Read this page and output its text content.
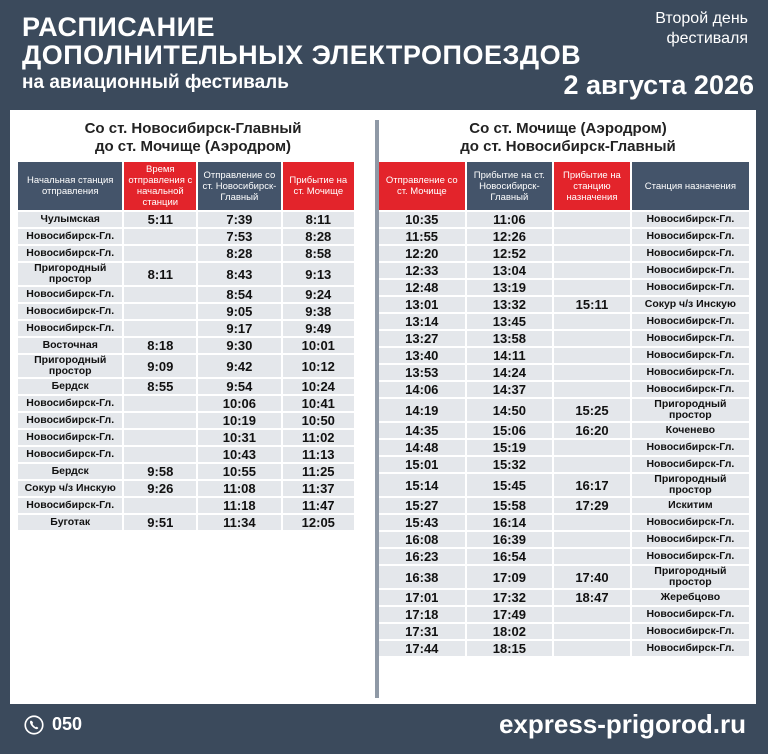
РАСПИСАНИЕ
ДОПОЛНИТЕЛЬНЫХ ЭЛЕКТРОПОЕЗДОВ
на авиационный фестиваль
Второй день
фестиваля
2 августа 2026
Со ст. Новосибирск-Главный
до ст. Мочище (Аэродром)
Начальная станция отправления	Время отправления с начальной станции	Отправление со ст. Новосибирск-Главный	Прибытие на ст. Мочище
Чулымская	5:11	7:39	8:11
Новосибирск-Гл.		7:53	8:28
Новосибирск-Гл.		8:28	8:58
Пригородный простор	8:11	8:43	9:13
Новосибирск-Гл.		8:54	9:24
Новосибирск-Гл.		9:05	9:38
Новосибирск-Гл.		9:17	9:49
Восточная	8:18	9:30	10:01
Пригородный простор	9:09	9:42	10:12
Бердск	8:55	9:54	10:24
Новосибирск-Гл.		10:06	10:41
Новосибирск-Гл.		10:19	10:50
Новосибирск-Гл.		10:31	11:02
Новосибирск-Гл.		10:43	11:13
Бердск	9:58	10:55	11:25
Сокур ч/з Инскую	9:26	11:08	11:37
Новосибирск-Гл.		11:18	11:47
Буготак	9:51	11:34	12:05
Со ст. Мочище (Аэродром)
до ст. Новосибирск-Главный
Отправление со ст. Мочище	Прибытие на ст. Новосибирск-Главный	Прибытие на станцию назначения	Станция назначения
10:35	11:06		Новосибирск-Гл.
11:55	12:26		Новосибирск-Гл.
12:20	12:52		Новосибирск-Гл.
12:33	13:04		Новосибирск-Гл.
12:48	13:19		Новосибирск-Гл.
13:01	13:32	15:11	Сокур ч/з Инскую
13:14	13:45		Новосибирск-Гл.
13:27	13:58		Новосибирск-Гл.
13:40	14:11		Новосибирск-Гл.
13:53	14:24		Новосибирск-Гл.
14:06	14:37		Новосибирск-Гл.
14:19	14:50	15:25	Пригородный простор
14:35	15:06	16:20	Коченево
14:48	15:19		Новосибирск-Гл.
15:01	15:32		Новосибирск-Гл.
15:14	15:45	16:17	Пригородный простор
15:27	15:58	17:29	Искитим
15:43	16:14		Новосибирск-Гл.
16:08	16:39		Новосибирск-Гл.
16:23	16:54		Новосибирск-Гл.
16:38	17:09	17:40	Пригородный простор
17:01	17:32	18:47	Жеребцово
17:18	17:49		Новосибирск-Гл.
17:31	18:02		Новосибирск-Гл.
17:44	18:15		Новосибирск-Гл.
050	express-prigorod.ru
